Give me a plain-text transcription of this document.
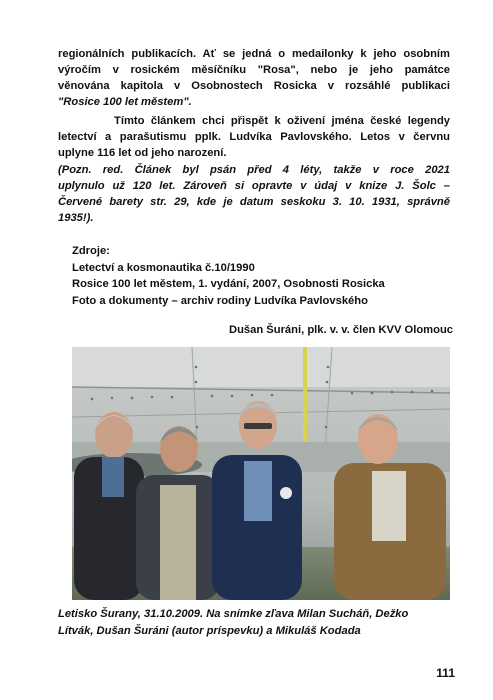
regionálních publikacích. Ať se jedná o medailonky k jeho osobním
výročím v rosickém měsíčníku "Rosa", nebo je jeho památce
věnována kapitola v Osobnostech Rosicka v rozsáhlé publikaci
"Rosice 100 let městem".

Tímto článkem chci přispět k oživení jména české legendy
letectví a parašutismu pplk. Ludvíka Pavlovského. Letos v červnu
uplyne 116 let od jeho narození.

(Pozn. red. Článek byl psán před 4 léty, takže v roce 2021
uplynulo už 120 let. Zároveň si opravte v údaj v knize J. Šolc –
Červené barety str. 29, kde je datum seskoku 3. 10. 1931, správně
1935!).

Zdroje:
Letectví a kosmonautika č.10/1990
Rosice 100 let městem, 1. vydání, 2007, Osobnosti Rosicka
Foto a dokumenty – archiv rodiny Ludvíka Pavlovského
Dušan Šuráni, plk. v. v. člen KVV Olomouc

Letisko Šurany, 31.10.2009. Na snímke zľava Milan Sucháň, Dežko
Lítvák, Dušan Šuráni (autor príspevku) a Mikuláš Kodada

111
